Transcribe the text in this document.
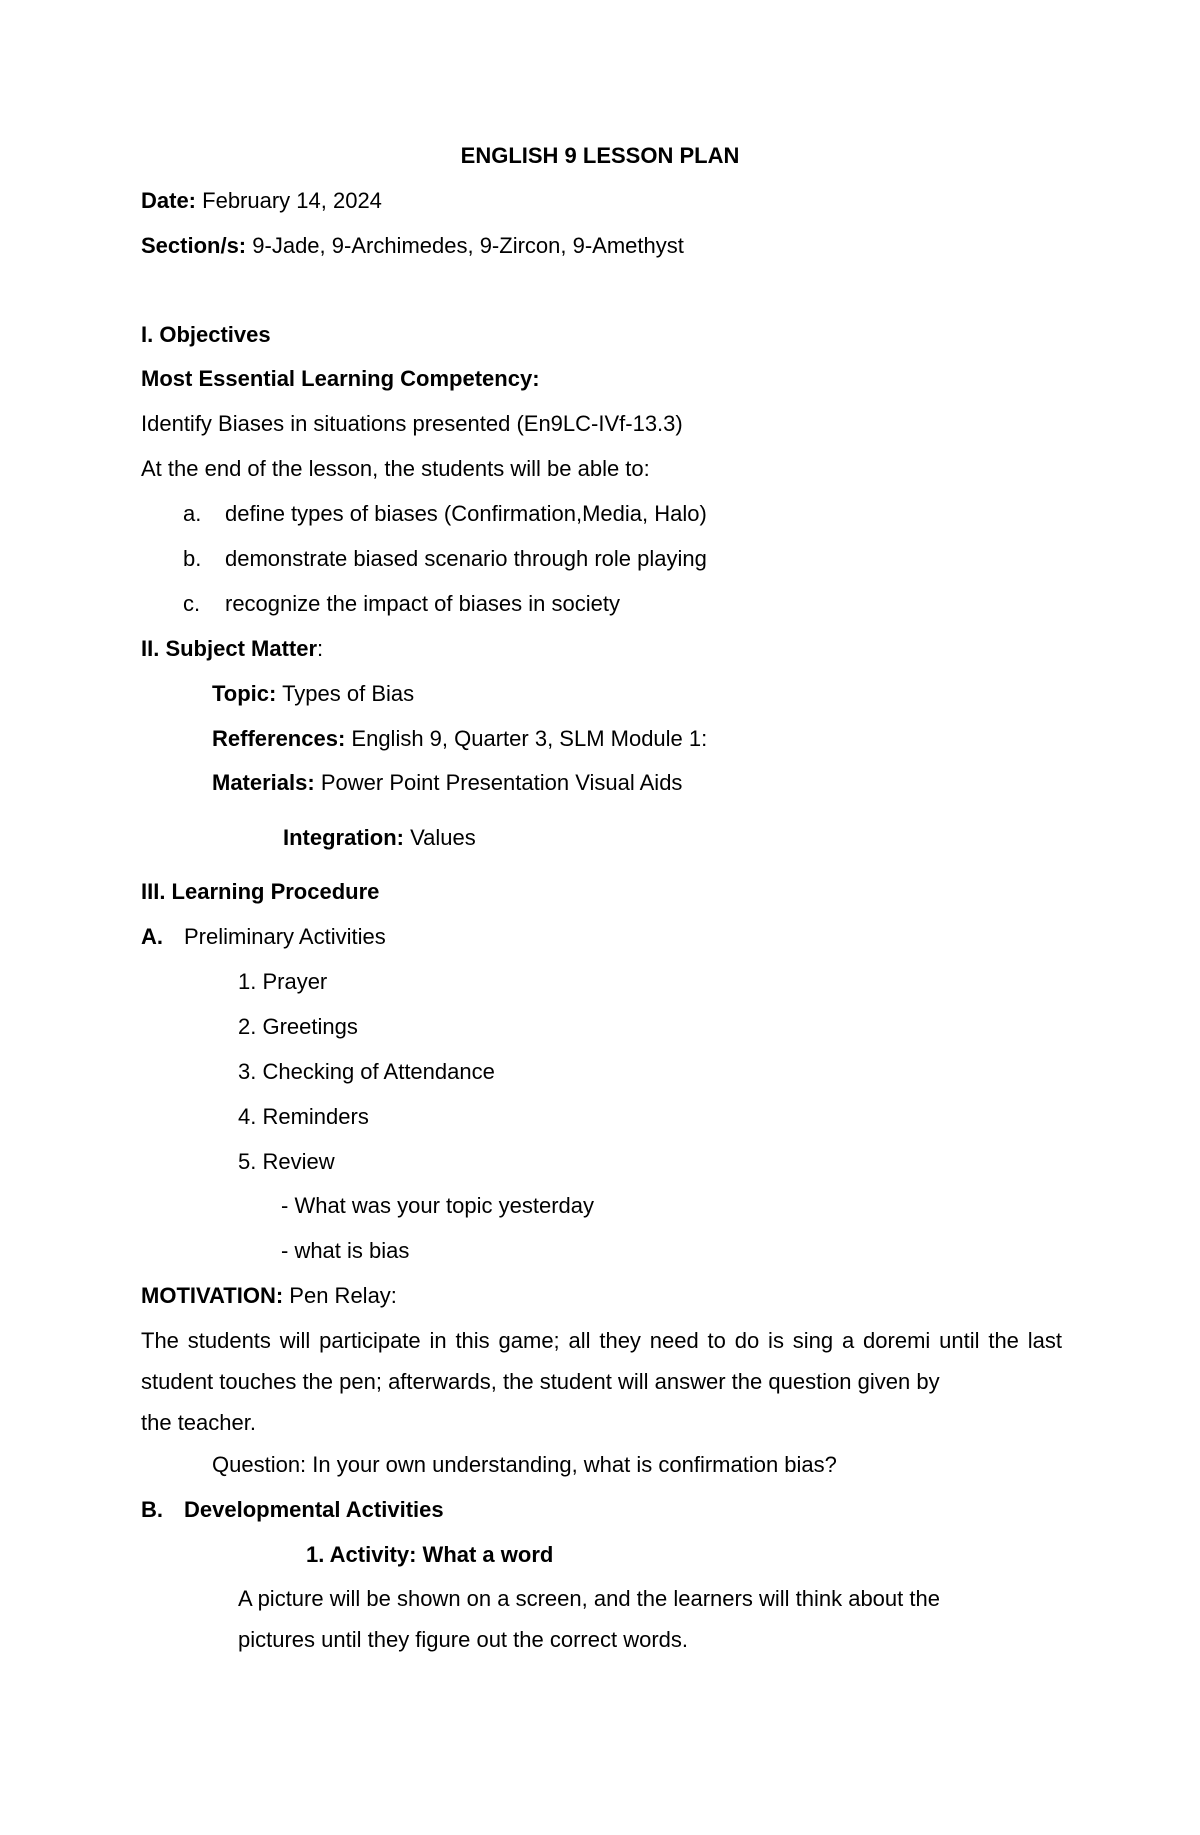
ENGLISH 9 LESSON PLAN
Date: February 14, 2024
Section/s: 9-Jade, 9-Archimedes, 9-Zircon, 9-Amethyst
I. Objectives
Most Essential Learning Competency:
Identify Biases in situations presented (En9LC-IVf-13.3)
At the end of the lesson, the students will be able to:
a. define types of biases (Confirmation,Media, Halo)
b. demonstrate biased scenario through role playing
c. recognize the impact of biases in society
II. Subject Matter:
Topic: Types of Bias
Refferences: English 9, Quarter 3, SLM Module 1:
Materials: Power Point Presentation Visual Aids
Integration: Values
III. Learning Procedure
A. Preliminary Activities
1. Prayer
2. Greetings
3. Checking of Attendance
4. Reminders
5. Review
- What was your topic yesterday
- what is bias
MOTIVATION: Pen Relay:
The students will participate in this game; all they need to do is sing a doremi until the last student touches the pen; afterwards, the student will answer the question given by
the teacher.
Question: In your own understanding, what is confirmation bias?
B. Developmental Activities
1. Activity: What a word
A picture will be shown on a screen, and the learners will think about the
pictures until they figure out the correct words.
